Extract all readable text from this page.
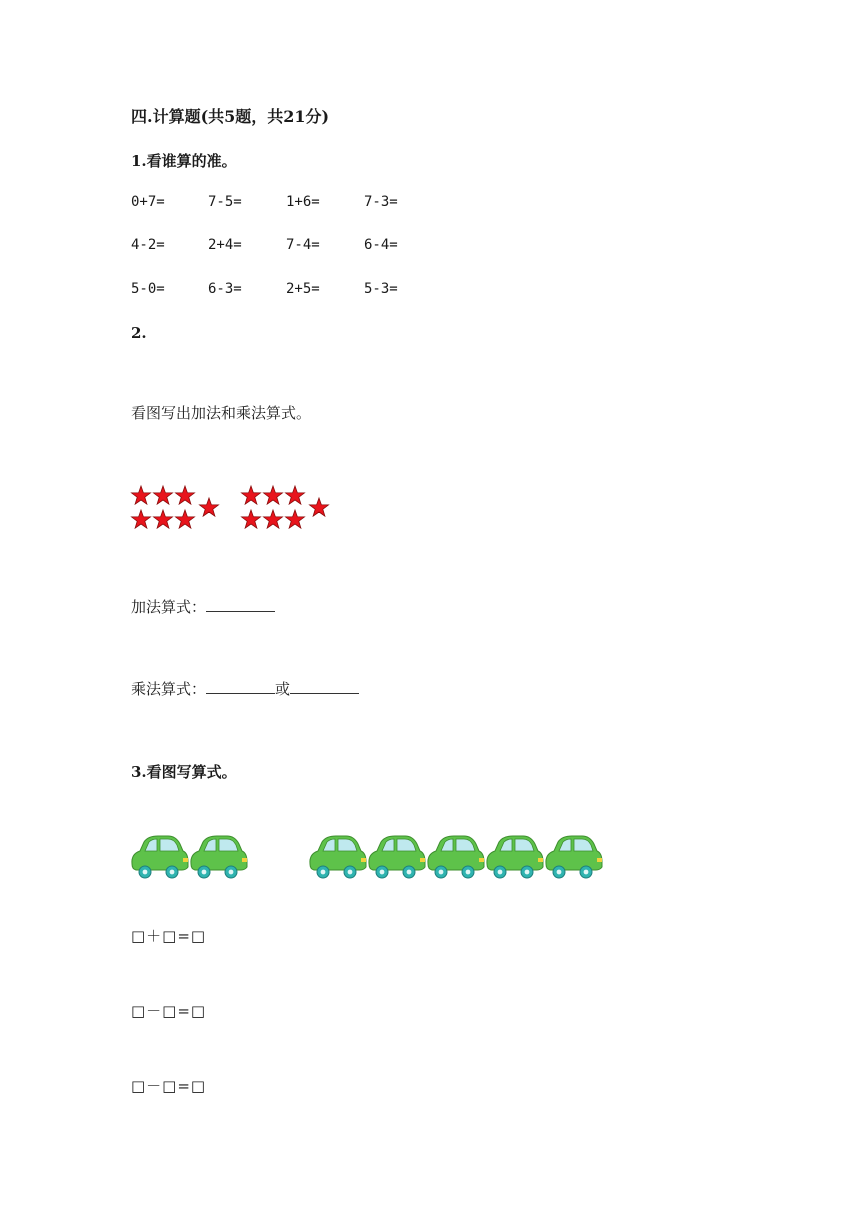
四.计算题(共5题，共21分)
1.看谁算的准。
0+7=	7-5=	1+6=	7-3=
4-2=	2+4=	7-4=	6-4=
5-0=	6-3=	2+5=	5-3=
2.
看图写出加法和乘法算式。
加法算式：
乘法算式：	或
3.看图写算式。
□＋□=□
□－□=□
□－□=□
